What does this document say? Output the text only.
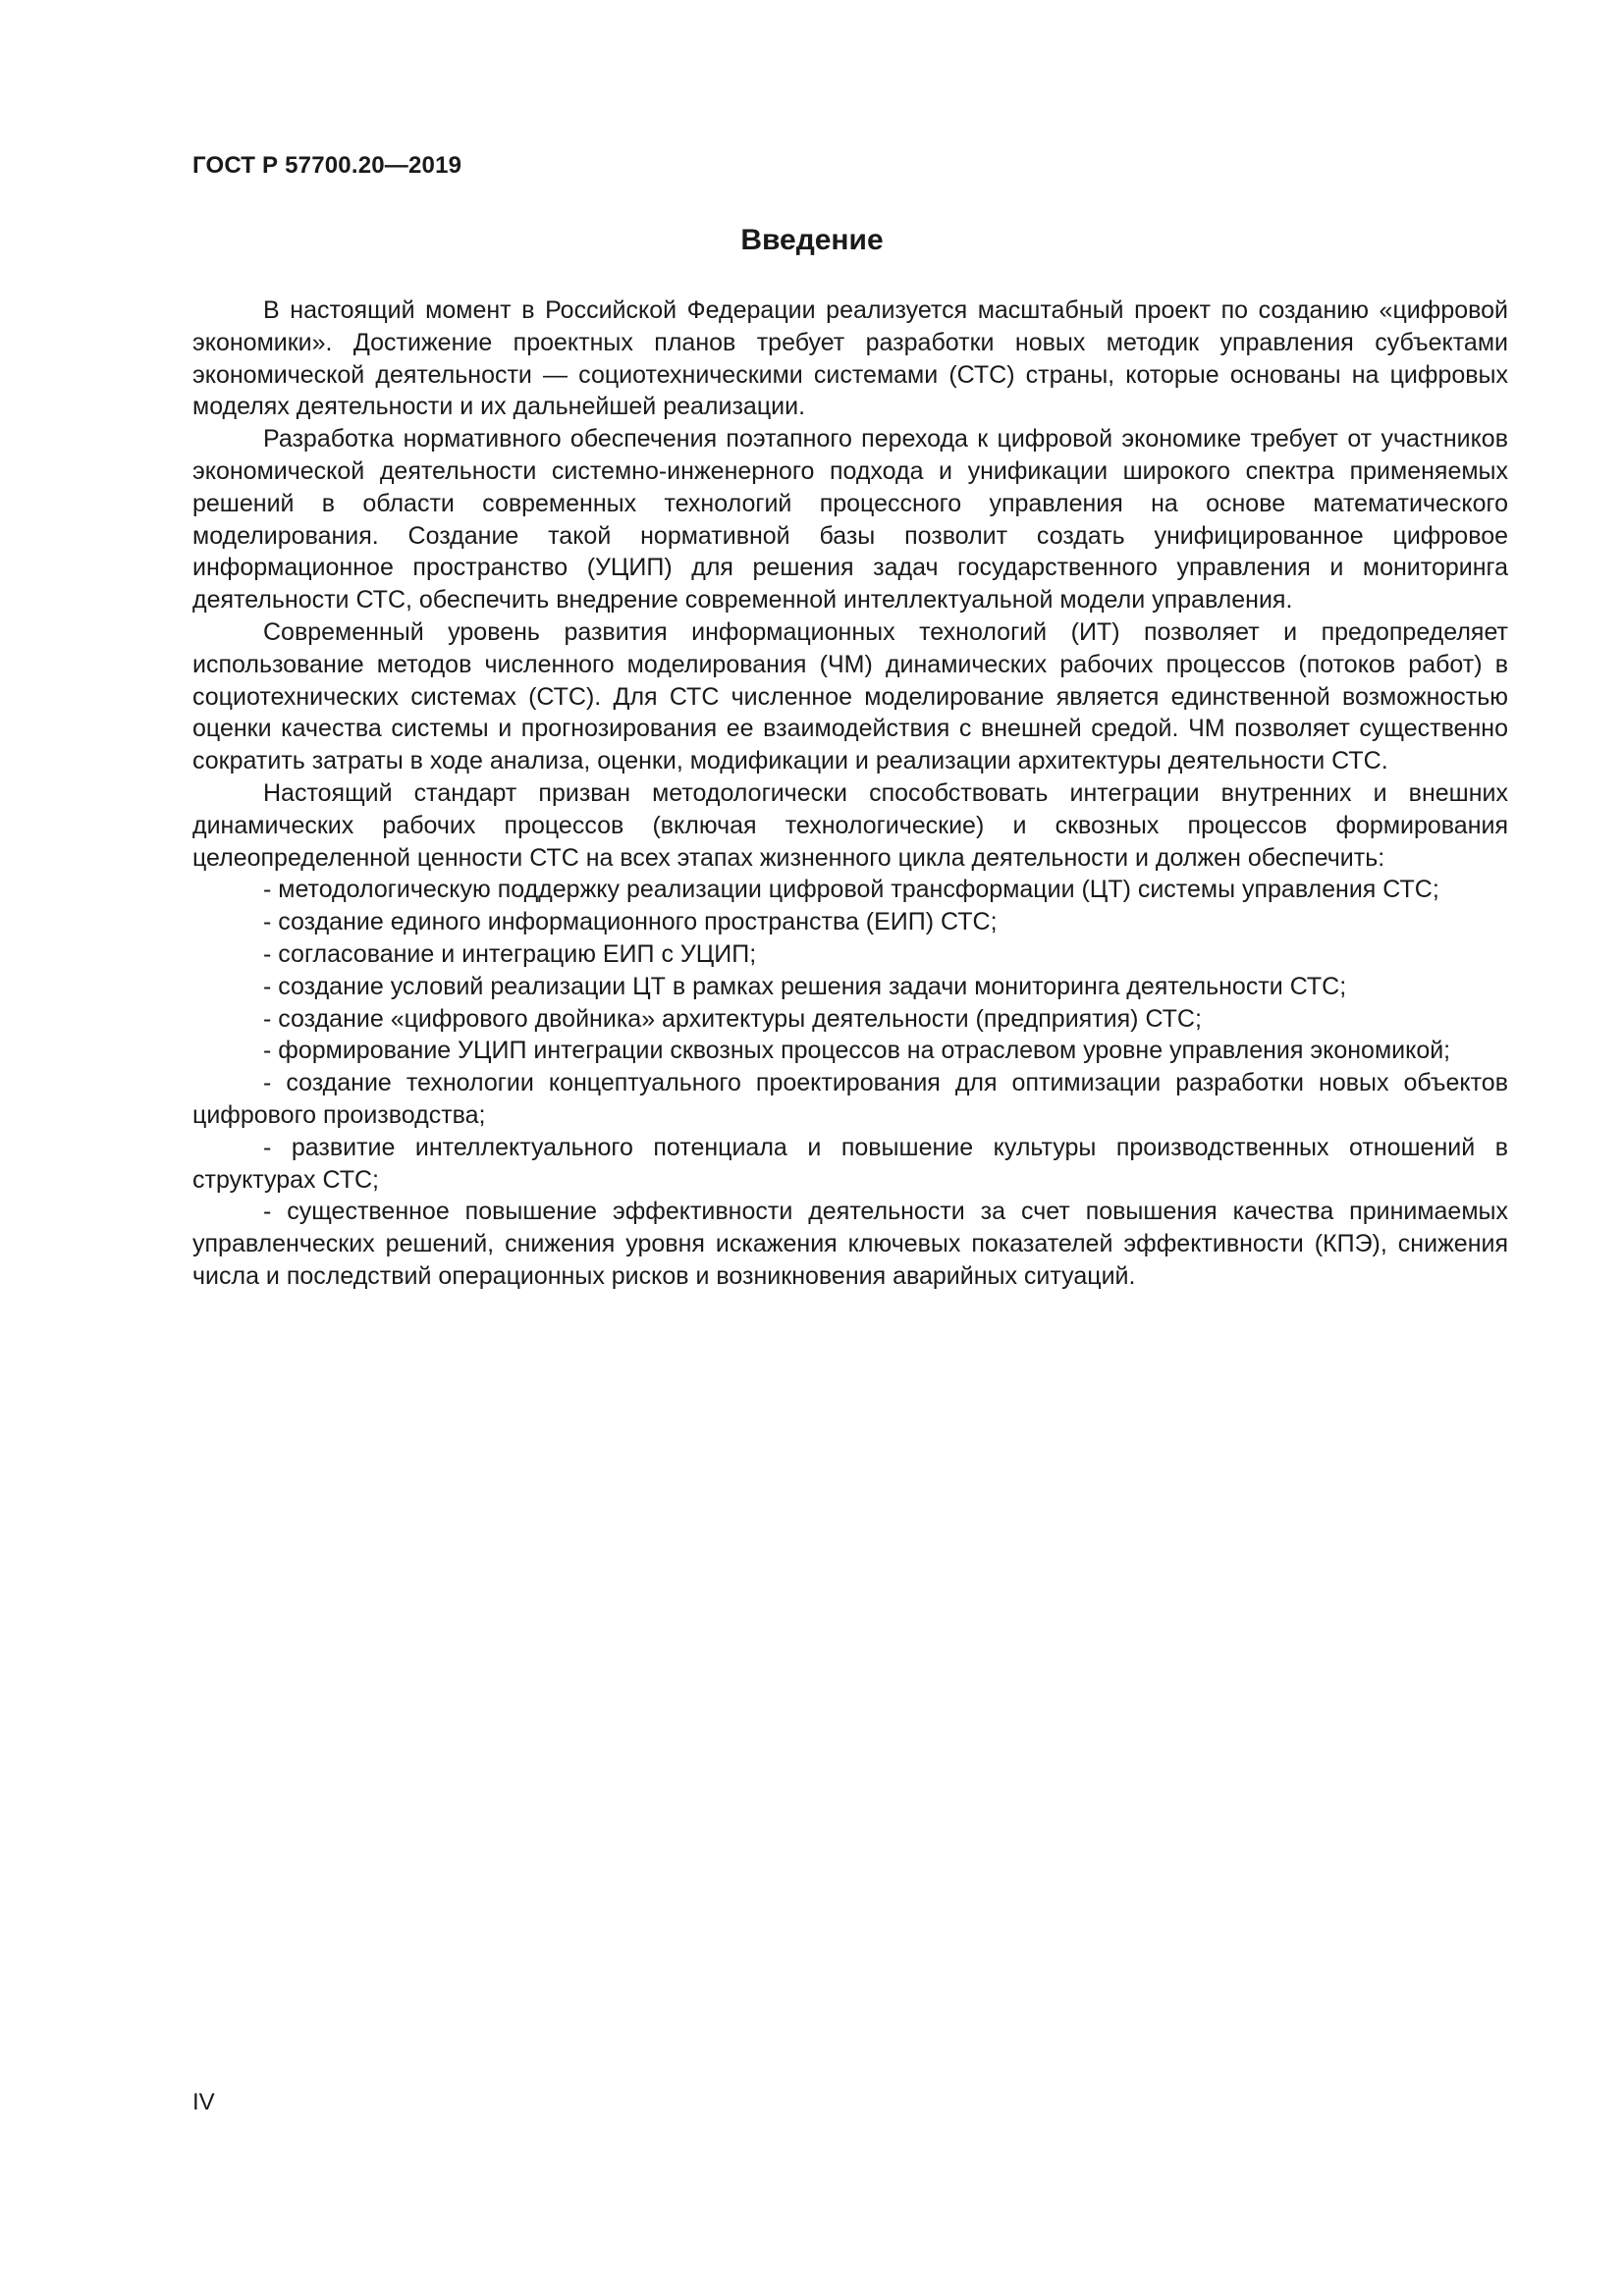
ГОСТ Р 57700.20—2019
Введение

В настоящий момент в Российской Федерации реализуется масштабный проект по созданию «цифровой экономики». Достижение проектных планов требует разработки новых методик управления субъектами экономической деятельности — социотехническими системами (СТС) страны, которые основаны на цифровых моделях деятельности и их дальнейшей реализации.

Разработка нормативного обеспечения поэтапного перехода к цифровой экономике требует от участников экономической деятельности системно-инженерного подхода и унификации широкого спектра применяемых решений в области современных технологий процессного управления на основе математического моделирования. Создание такой нормативной базы позволит создать унифицированное цифровое информационное пространство (УЦИП) для решения задач государственного управления и мониторинга деятельности СТС, обеспечить внедрение современной интеллектуальной модели управления.

Современный уровень развития информационных технологий (ИТ) позволяет и предопределяет использование методов численного моделирования (ЧМ) динамических рабочих процессов (потоков работ) в социотехнических системах (СТС). Для СТС численное моделирование является единственной возможностью оценки качества системы и прогнозирования ее взаимодействия с внешней средой. ЧМ позволяет существенно сократить затраты в ходе анализа, оценки, модификации и реализации архитектуры деятельности СТС.

Настоящий стандарт призван методологически способствовать интеграции внутренних и внешних динамических рабочих процессов (включая технологические) и сквозных процессов формирования целеопределенной ценности СТС на всех этапах жизненного цикла деятельности и должен обеспечить:

- методологическую поддержку реализации цифровой трансформации (ЦТ) системы управления СТС;

- создание единого информационного пространства (ЕИП) СТС;

- согласование и интеграцию ЕИП с УЦИП;

- создание условий реализации ЦТ в рамках решения задачи мониторинга деятельности СТС;

- создание «цифрового двойника» архитектуры деятельности (предприятия) СТС;

- формирование УЦИП интеграции сквозных процессов на отраслевом уровне управления экономикой;

- создание технологии концептуального проектирования для оптимизации разработки новых объектов цифрового производства;

- развитие интеллектуального потенциала и повышение культуры производственных отношений в структурах СТС;

- существенное повышение эффективности деятельности за счет повышения качества принимаемых управленческих решений, снижения уровня искажения ключевых показателей эффективности (КПЭ), снижения числа и последствий операционных рисков и возникновения аварийных ситуаций.

IV
